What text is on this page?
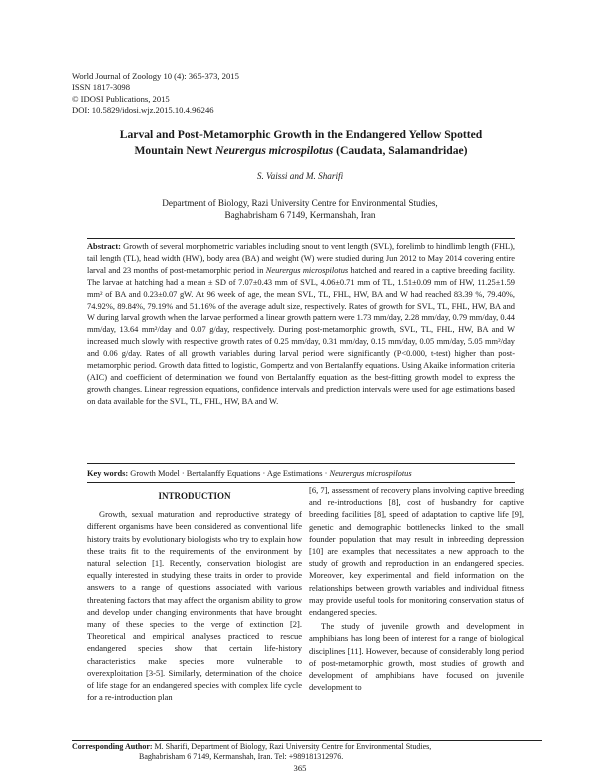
World Journal of Zoology 10 (4): 365-373, 2015
ISSN 1817-3098
© IDOSI Publications, 2015
DOI: 10.5829/idosi.wjz.2015.10.4.96246
Larval and Post-Metamorphic Growth in the Endangered Yellow Spotted
Mountain Newt Neurergus microspilotus (Caudata, Salamandridae)
S. Vaissi and M. Sharifi
Department of Biology, Razi University Centre for Environmental Studies,
Baghabrisham 6 7149, Kermanshah, Iran
Abstract: Growth of several morphometric variables including snout to vent length (SVL), forelimb to hindlimb length (FHL), tail length (TL), head width (HW), body area (BA) and weight (W) were studied during Jun 2012 to May 2014 covering entire larval and 23 months of post-metamorphic period in Neurergus microspilotus hatched and reared in a captive breeding facility. The larvae at hatching had a mean ± SD of 7.07±0.43 mm of SVL, 4.06±0.71 mm of TL, 1.51±0.09 mm of HW, 11.25±1.59 mm² of BA and 0.23±0.07 gW. At 96 week of age, the mean SVL, TL, FHL, HW, BA and W had reached 83.39 %, 79.40%, 74.92%, 89.84%, 79.19% and 51.16% of the average adult size, respectively. Rates of growth for SVL, TL, FHL, HW, BA and W during larval growth when the larvae performed a linear growth pattern were 1.73 mm/day, 2.28 mm/day, 0.79 mm/day, 0.44 mm/day, 13.64 mm²/day and 0.07 g/day, respectively. During post-metamorphic growth, SVL, TL, FHL, HW, BA and W increased much slowly with respective growth rates of 0.25 mm/day, 0.31 mm/day, 0.15 mm/day, 0.05 mm/day, 5.05 mm²/day and 0.06 g/day. Rates of all growth variables during larval period were significantly (P<0.000, t-test) higher than post-metamorphic period. Growth data fitted to logistic, Gompertz and von Bertalanffy equations. Using Akaike information criteria (AIC) and coefficient of determination we found von Bertalanffy equation as the best-fitting growth model to express the growth changes. Linear regression equations, confidence intervals and prediction intervals were used for age estimations based on data available for the SVL, TL, FHL, HW, BA and W.
Key words: Growth Model · Bertalanffy Equations · Age Estimations · Neurergus microspilotus
INTRODUCTION

Growth, sexual maturation and reproductive strategy of different organisms have been considered as conventional life history traits by evolutionary biologists who try to explain how these traits fit to the requirements of the environment by natural selection [1]. Recently, conservation biologist are equally interested in studying these traits in order to provide answers to a range of questions associated with various threatening factors that may affect the organism ability to grow and develop under changing environments that have brought many of these species to the verge of extinction [2]. Theoretical and empirical analyses practiced to rescue endangered species show that certain life-history characteristics make species more vulnerable to overexploitation [3-5]. Similarly, determination of the choice of life stage for an endangered species with complex life cycle for a re-introduction plan

[6, 7], assessment of recovery plans involving captive breeding and re-introductions [8], cost of husbandry for captive breeding facilities [8], speed of adaptation to captive life [9], genetic and demographic bottlenecks linked to the small founder population that may result in inbreeding depression [10] are examples that necessitates a new approach to the study of growth and reproduction in an endangered species. Moreover, key experimental and field information on the relationships between growth variables and individual fitness may provide useful tools for monitoring conservation status of endangered species.

The study of juvenile growth and development in amphibians has long been of interest for a range of biological disciplines [11]. However, because of considerably long period of post-metamorphic growth, most studies of growth and development of amphibians have focused on juvenile development to

Corresponding Author: M. Sharifi, Department of Biology, Razi University Centre for Environmental Studies,
Baghabrisham 6 7149, Kermanshah, Iran. Tel: +989181312976.
365
